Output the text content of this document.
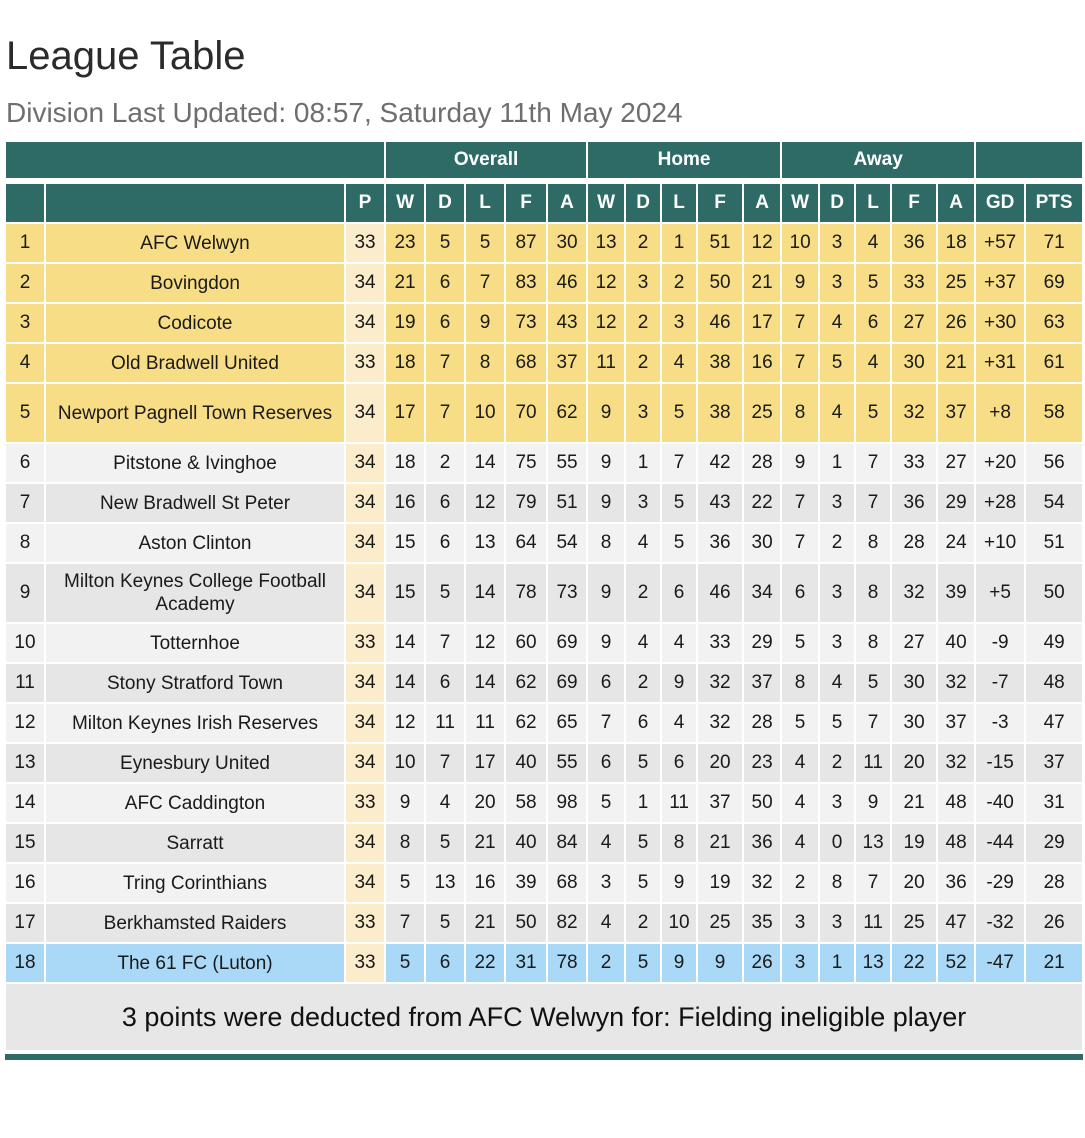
League Table
Division Last Updated: 08:57, Saturday 11th May 2024
			Overall					Home					Away						

		P	W	D	L	F	A	W	D	L	F	A	W	D	L	F	A	GD	PTS
1	AFC Welwyn	33	23	5	5	87	30	13	2	1	51	12	10	3	4	36	18	+57	71
2	Bovingdon	34	21	6	7	83	46	12	3	2	50	21	9	3	5	33	25	+37	69
3	Codicote	34	19	6	9	73	43	12	2	3	46	17	7	4	6	27	26	+30	63
4	Old Bradwell United	33	18	7	8	68	37	11	2	4	38	16	7	5	4	30	21	+31	61
5	Newport Pagnell Town Reserves	34	17	7	10	70	62	9	3	5	38	25	8	4	5	32	37	+8	58
6	Pitstone & Ivinghoe	34	18	2	14	75	55	9	1	7	42	28	9	1	7	33	27	+20	56
7	New Bradwell St Peter	34	16	6	12	79	51	9	3	5	43	22	7	3	7	36	29	+28	54
8	Aston Clinton	34	15	6	13	64	54	8	4	5	36	30	7	2	8	28	24	+10	51
9	Milton Keynes College Football Academy	34	15	5	14	78	73	9	2	6	46	34	6	3	8	32	39	+5	50
10	Totternhoe	33	14	7	12	60	69	9	4	4	33	29	5	3	8	27	40	-9	49
11	Stony Stratford Town	34	14	6	14	62	69	6	2	9	32	37	8	4	5	30	32	-7	48
12	Milton Keynes Irish Reserves	34	12	11	11	62	65	7	6	4	32	28	5	5	7	30	37	-3	47
13	Eynesbury United	34	10	7	17	40	55	6	5	6	20	23	4	2	11	20	32	-15	37
14	AFC Caddington	33	9	4	20	58	98	5	1	11	37	50	4	3	9	21	48	-40	31
15	Sarratt	34	8	5	21	40	84	4	5	8	21	36	4	0	13	19	48	-44	29
16	Tring Corinthians	34	5	13	16	39	68	3	5	9	19	32	2	8	7	20	36	-29	28
17	Berkhamsted Raiders	33	7	5	21	50	82	4	2	10	25	35	3	3	11	25	47	-32	26
18	The 61 FC (Luton)	33	5	6	22	31	78	2	5	9	9	26	3	1	13	22	52	-47	21
3 points were deducted from AFC Welwyn for: Fielding ineligible player																			
